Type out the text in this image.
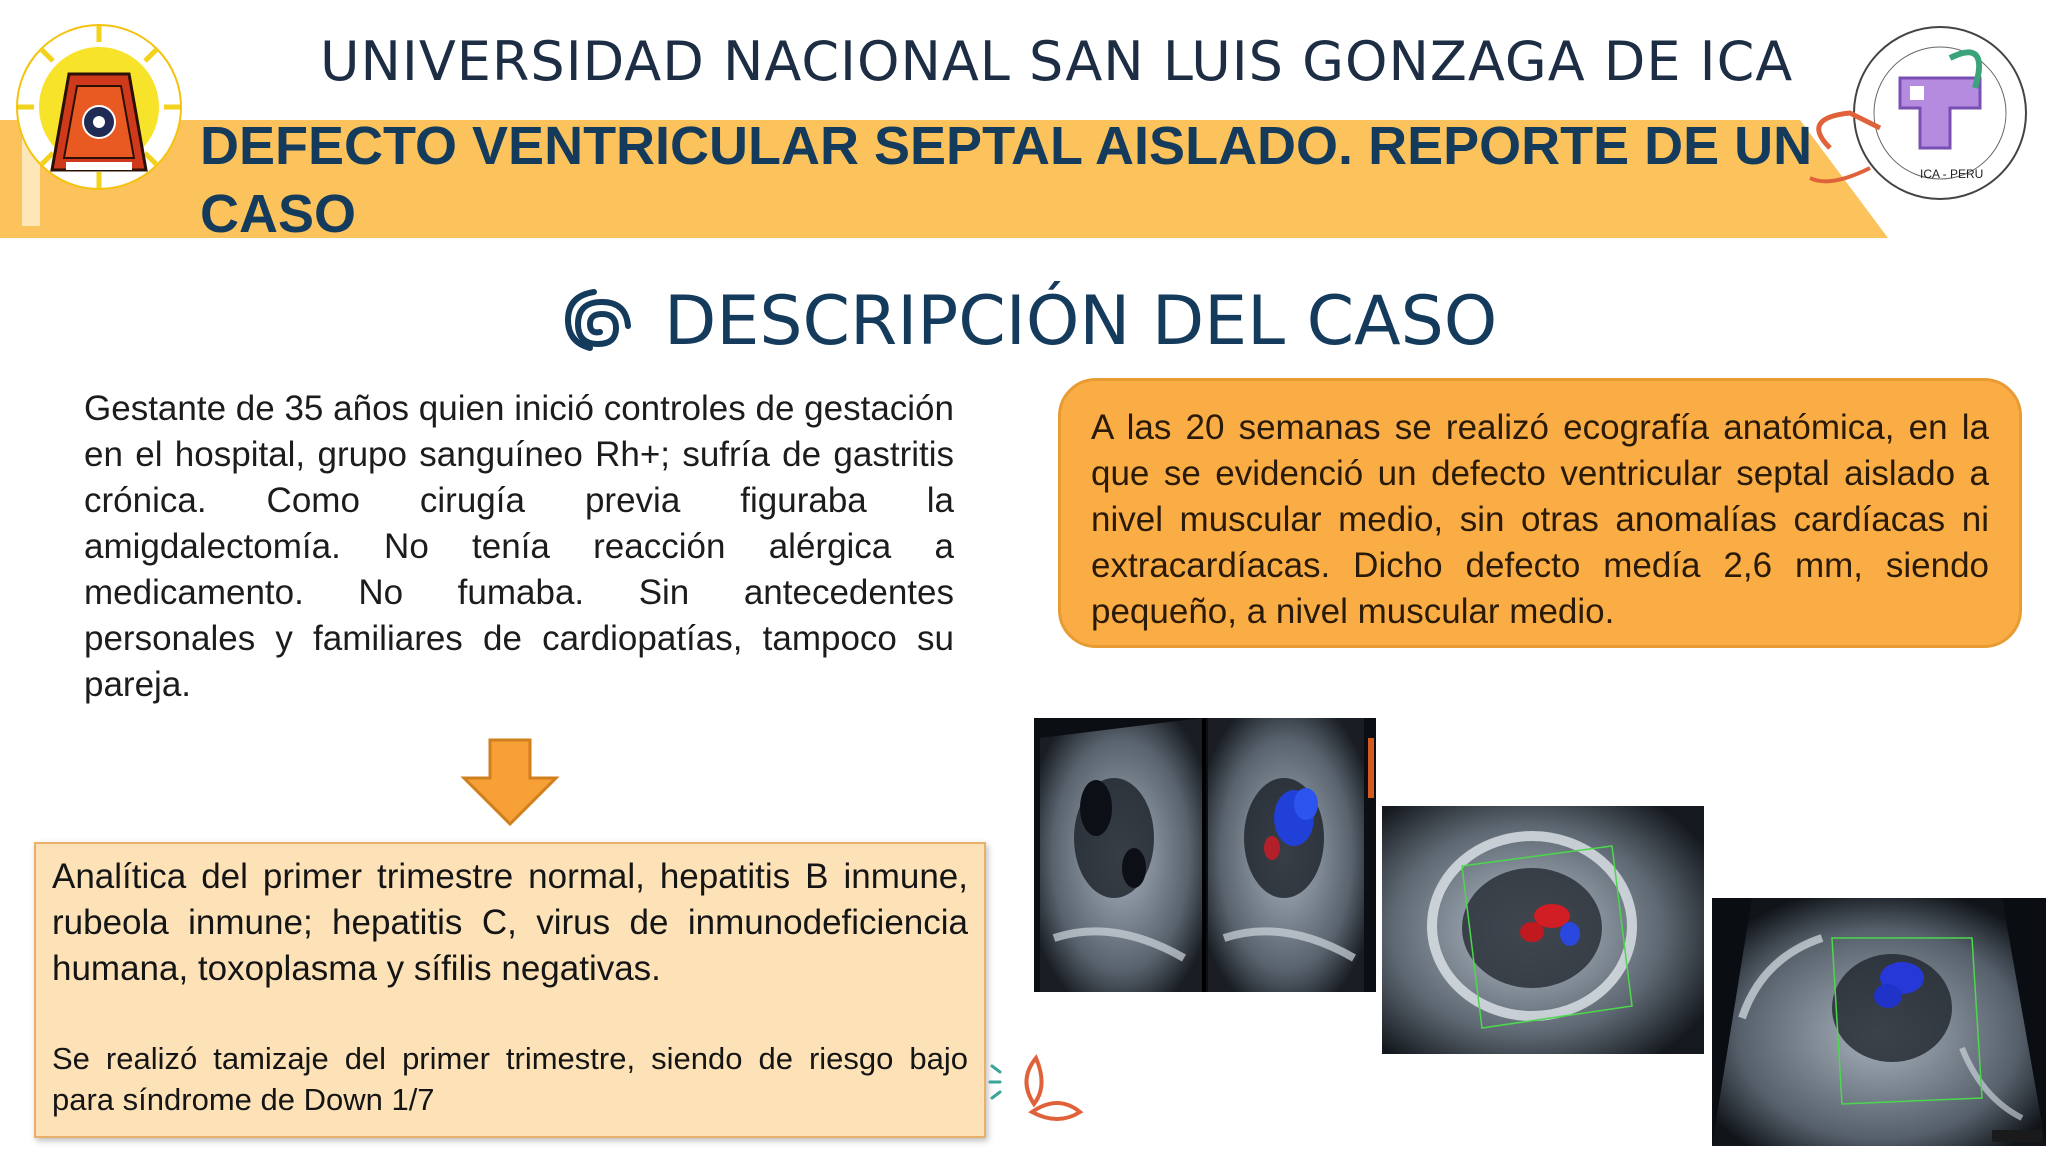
ICA - PERU
UNIVERSIDAD NACIONAL SAN LUIS GONZAGA DE ICA
DEFECTO VENTRICULAR SEPTAL AISLADO. REPORTE DE UN
CASO
DESCRIPCIÓN DEL CASO
Gestante de 35 años quien inició controles de gestación en el hospital, grupo sanguíneo Rh+; sufría de gastritis crónica. Como cirugía previa figuraba la amigdalectomía. No tenía reacción alérgica a medicamento. No fumaba. Sin antecedentes personales y familiares de cardiopatías, tampoco su pareja.
A las 20 semanas se realizó ecografía anatómica, en la que se evidenció un defecto ventricular septal aislado a nivel muscular medio, sin otras anomalías cardíacas ni extracardíacas. Dicho defecto medía 2,6 mm, siendo pequeño, a nivel muscular medio.
Analítica del primer trimestre normal, hepatitis B inmune, rubeola inmune; hepatitis C, virus de inmunodeficiencia humana, toxoplasma y sífilis negativas.
Se realizó tamizaje del primer trimestre, siendo de riesgo bajo para síndrome de Down 1/7
